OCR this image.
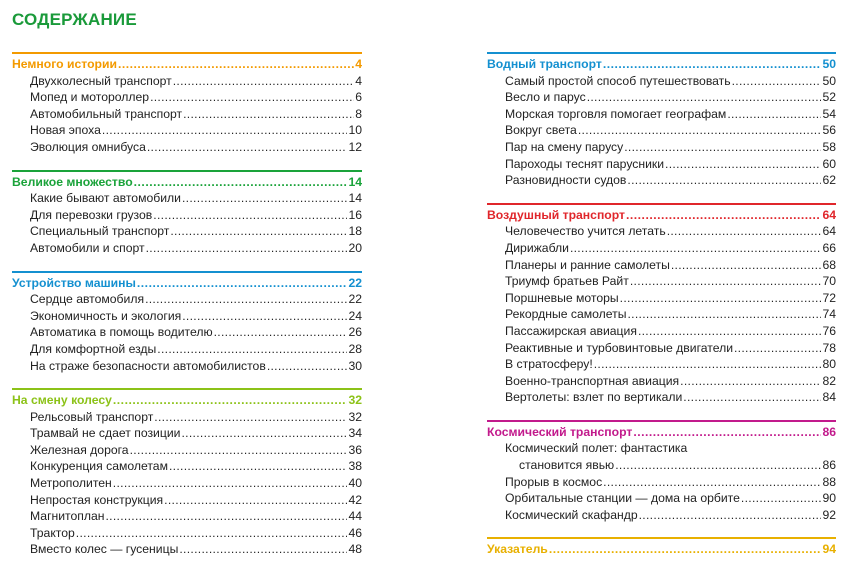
СОДЕРЖАНИЕ
Немного истории .....	4
Двухколесный транспорт .....	4
Мопед и мотороллер .....	6
Автомобильный транспорт .....	8
Новая эпоха .....	10
Эволюция омнибуса .....	12
Великое множество .....	14
Какие бывают автомобили .....	14
Для перевозки грузов .....	16
Специальный транспорт .....	18
Автомобили и спорт .....	20
Устройство машины .....	22
Сердце автомобиля .....	22
Экономичность и экология .....	24
Автоматика в помощь водителю .....	26
Для комфортной езды .....	28
На страже безопасности автомобилистов .....	30
На смену колесу .....	32
Рельсовый транспорт .....	32
Трамвай не сдает позиции .....	34
Железная дорога .....	36
Конкуренция самолетам .....	38
Метрополитен .....	40
Непростая конструкция .....	42
Магнитоплан .....	44
Трактор .....	46
Вместо колес — гусеницы .....	48
Водный транспорт .....	50
Самый простой способ путешествовать .....	50
Весло и парус .....	52
Морская торговля помогает географам .....	54
Вокруг света .....	56
Пар на смену парусу .....	58
Пароходы теснят парусники .....	60
Разновидности судов .....	62
Воздушный транспорт .....	64
Человечество учится летать .....	64
Дирижабли .....	66
Планеры и ранние самолеты .....	68
Триумф братьев Райт .....	70
Поршневые моторы .....	72
Рекордные самолеты .....	74
Пассажирская авиация .....	76
Реактивные и турбовинтовые двигатели .....	78
В стратосферу! .....	80
Военно-транспортная авиация .....	82
Вертолеты: взлет по вертикали .....	84
Космический транспорт .....	86
Космический полет: фантастика
становится явью .....	86
Прорыв в космос .....	88
Орбитальные станции — дома на орбите .....	90
Космический скафандр .....	92
Указатель .....	94
